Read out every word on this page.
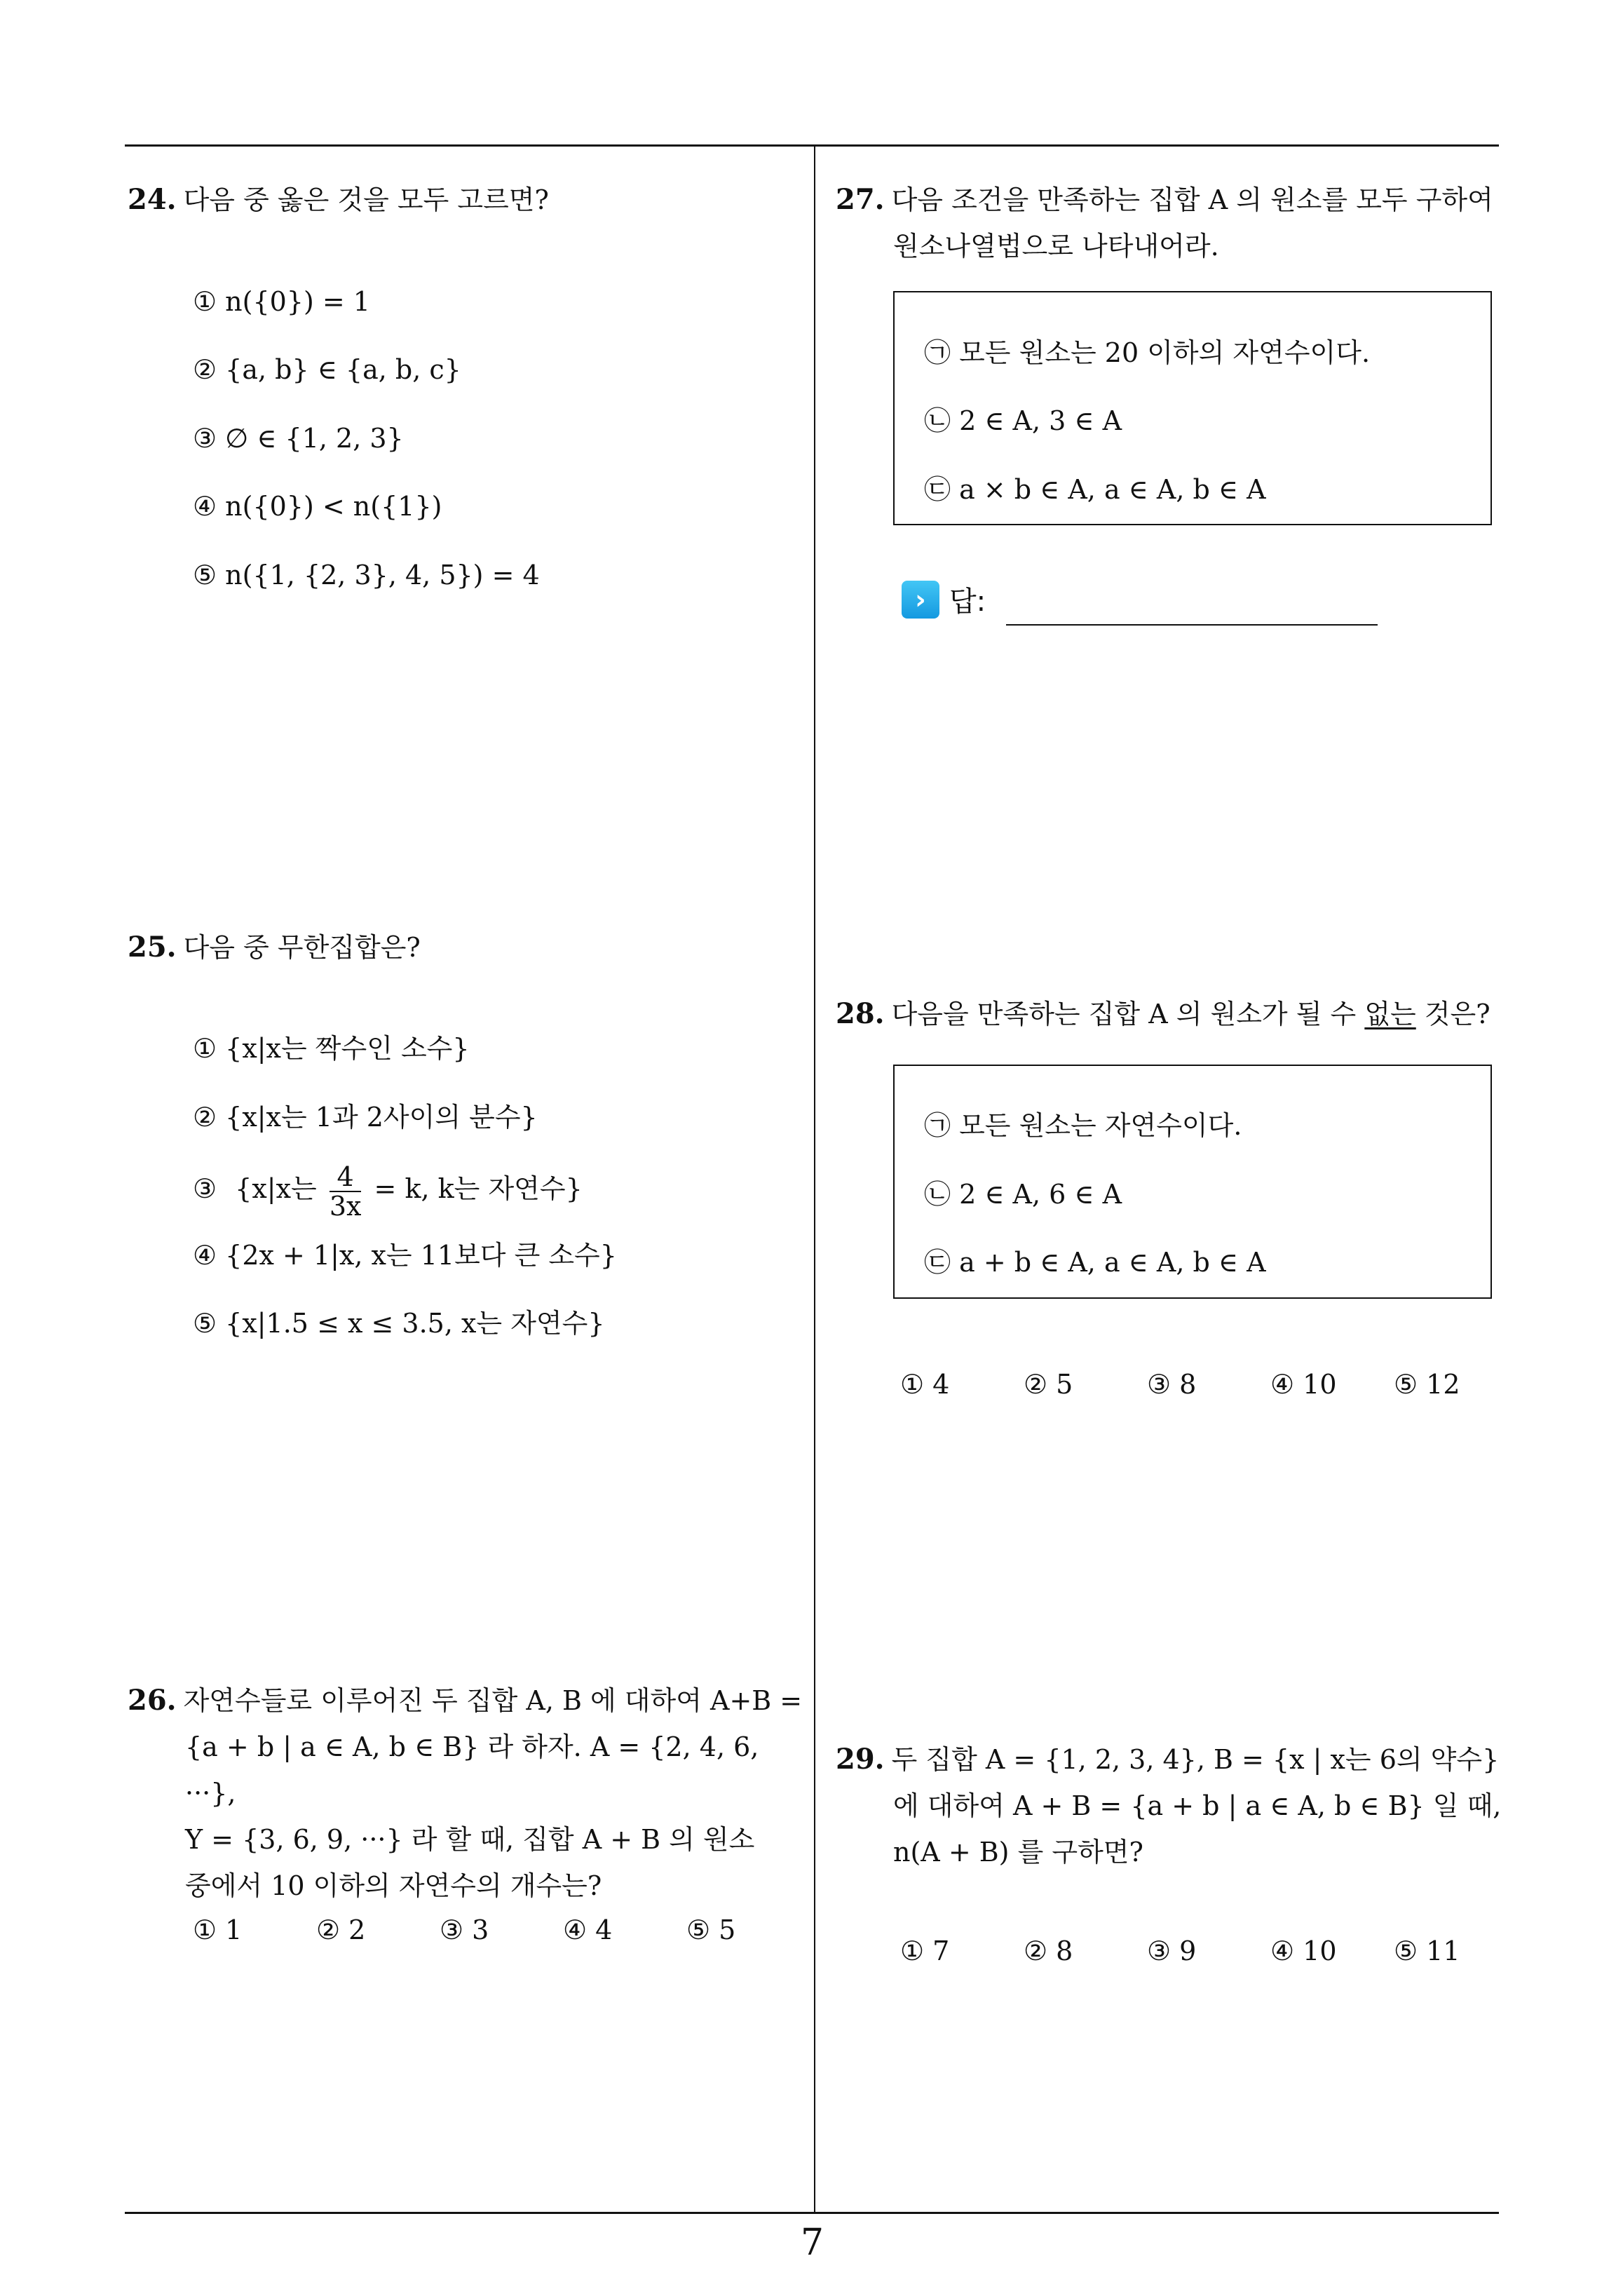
24. 다음 중 옳은 것을 모두 고르면?
① n({0}) = 1
② {a, b} ∈ {a, b, c}
③ ∅ ∈ {1, 2, 3}
④ n({0}) < n({1})
⑤ n({1, {2, 3}, 4, 5}) = 4
25. 다음 중 무한집합은?
① {x|x는 짝수인 소수}
② {x|x는 1과 2사이의 분수}
③ {x|x는 $\frac{4}{3x} = k$, k는 자연수}
④ {2x + 1|x, x는 11보다 큰 소수}
⑤ {x|1.5 ≤ x ≤ 3.5, x는 자연수}
26. 자연수들로 이루어진 두 집합 A, B 에 대하여 A+B =
{a + b | a ∈ A, b ∈ B} 라 하자. A = {2, 4, 6, ···},
Y = {3, 6, 9, ···} 라 할 때, 집합 A + B 의 원소
중에서 10 이하의 자연수의 개수는?
① 1	② 2	③ 3	④ 4	⑤ 5
27. 다음 조건을 만족하는 집합 A 의 원소를 모두 구하여
원소나열법으로 나타내어라.
㉠ 모든 원소는 20 이하의 자연수이다.
㉡ 2 ∈ A, 3 ∈ A
㉢ a × b ∈ A, a ∈ A, b ∈ A
› 답:
28. 다음을 만족하는 집합 A 의 원소가 될 수 없는 것은?
㉠ 모든 원소는 자연수이다.
㉡ 2 ∈ A, 6 ∈ A
㉢ a + b ∈ A, a ∈ A, b ∈ A
① 4	② 5	③ 8	④ 10 ⑤ 12
29. 두 집합 A = {1, 2, 3, 4}, B = {x | x는 6의 약수}
에 대하여 A + B = {a + b | a ∈ A, b ∈ B} 일 때,
n(A + B) 를 구하면?
① 7	② 8	③ 9	④ 10 ⑤ 11
7
